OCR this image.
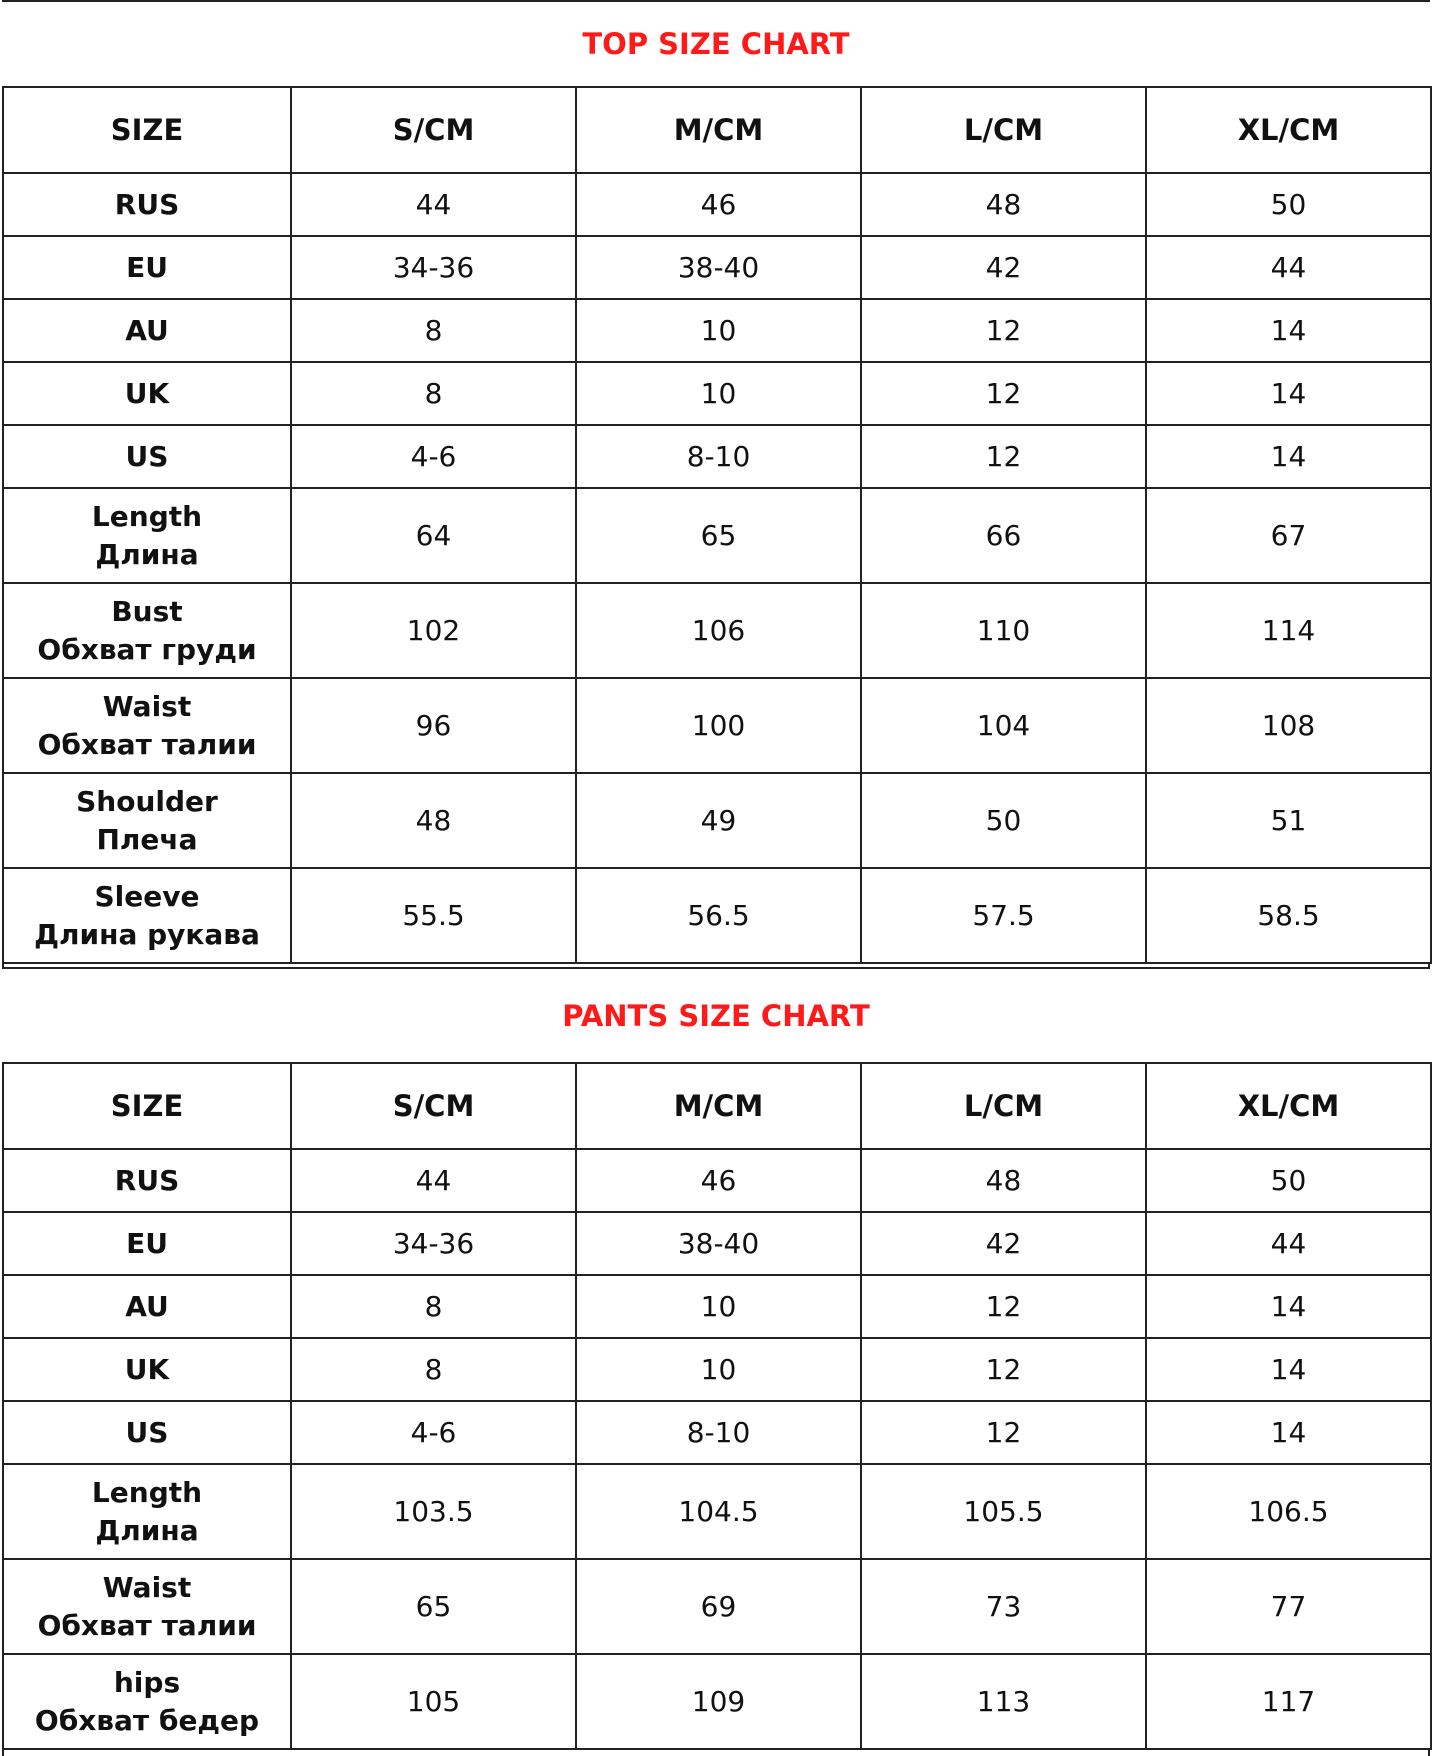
TOP SIZE CHART
SIZE	S/CM	M/CM	L/CM	XL/CM

RUS	44	46	48	50

EU	34-36	38-40	42	44

AU	8	10	12	14

UK	8	10	12	14

US	4-6	8-10	12	14

Length
Длина	64	65	66	67

Bust
Обхват груди	102	106	110	114

Waist
Обхват талии	96	100	104	108

Shoulder
Плеча	48	49	50	51

Sleeve
Длина рукава	55.5	56.5	57.5	58.5
PANTS SIZE CHART
SIZE	S/CM	M/CM	L/CM	XL/CM

RUS	44	46	48	50

EU	34-36	38-40	42	44

AU	8	10	12	14

UK	8	10	12	14

US	4-6	8-10	12	14

Length
Длина	103.5	104.5	105.5	106.5

Waist
Обхват талии	65	69	73	77

hips
Обхват бедер	105	109	113	117
